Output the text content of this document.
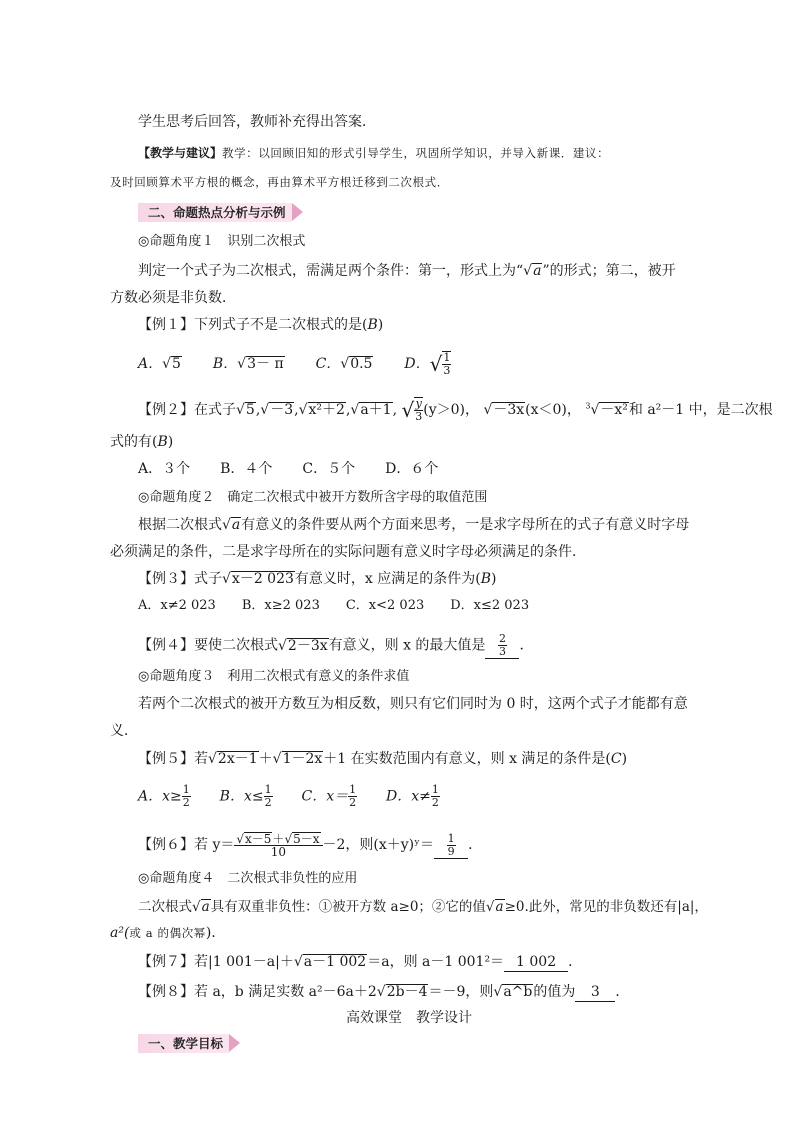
学生思考后回答，教师补充得出答案．
【教学与建议】教学：以回顾旧知的形式引导学生，巩固所学知识，并导入新课．建议：
及时回顾算术平方根的概念，再由算术平方根迁移到二次根式．
二、命题热点分析与示例
◎命题角度１　识别二次根式
判定一个式子为二次根式，需满足两个条件：第一，形式上为“ √ a”的形式；第二，被开
方数必须是非负数．
【例１】下列式子不是二次根式的是(B)
A． √ 5 B． √ 3－ π C． √ 0.5 D． √ $\frac{1}{3}$
【例２】在式子 √ 5, √ －3, √ x²＋2, √ a＋1, √ $\frac{y}{3} (y>0)$， √ －3x(x＜0)， $^3$ √ －x²和 a²－1 中，是二次根
式的有(B)
A．３个 B．４个 C．５个 D．６个
◎命题角度２　确定二次根式中被开方数所含字母的取值范围
根据二次根式 √ a有意义的条件要从两个方面来思考，一是求字母所在的式子有意义时字母
必须满足的条件，二是求字母所在的实际问题有意义时字母必须满足的条件．
【例３】式子 √ x－2 023有意义时，x 应满足的条件为(B)
A．x≠2 023 B．x≥2 023 C．x<2 023 D．x≤2 023
【例４】要使二次根式 √ 2－3x有意义，则 x 的最大值是 $\frac{2}{3}$ ．
◎命题角度３　利用二次根式有意义的条件求值
若两个二次根式的被开方数互为相反数，则只有它们同时为 0 时，这两个式子才能都有意
义．
【例５】若 √ 2x－1＋ √ 1－2x＋1 在实数范围内有意义，则 x 满足的条件是(C)
A．$x\ge \frac{1}{2}$ B．$x\le \frac{1}{2}$ C．$x= \frac{1}{2}$ D．$x\ne \frac{1}{2}$
【例６】若 y＝ √ $\frac{x-5+ √ 5-x}{10} -2$，则(x＋y)ʸ＝ $\frac{1}{9}$ ．
◎命题角度４　二次根式非负性的应用
二次根式 √ a具有双重非负性：①被开方数 a≥0；②它的值 √ a≥0.此外，常见的非负数还有|a|，
a²(或 a 的偶次幂)．
【例７】若|1 001－a|＋ √ a－1 002＝a，则 a－1 001²＝ 1 002 ．
【例８】若 a，b 满足实数 a²－6a＋2 √ 2b－4＝－9，则 √ a^b的值为 3 ．
高效课堂　教学设计
一、教学目标
